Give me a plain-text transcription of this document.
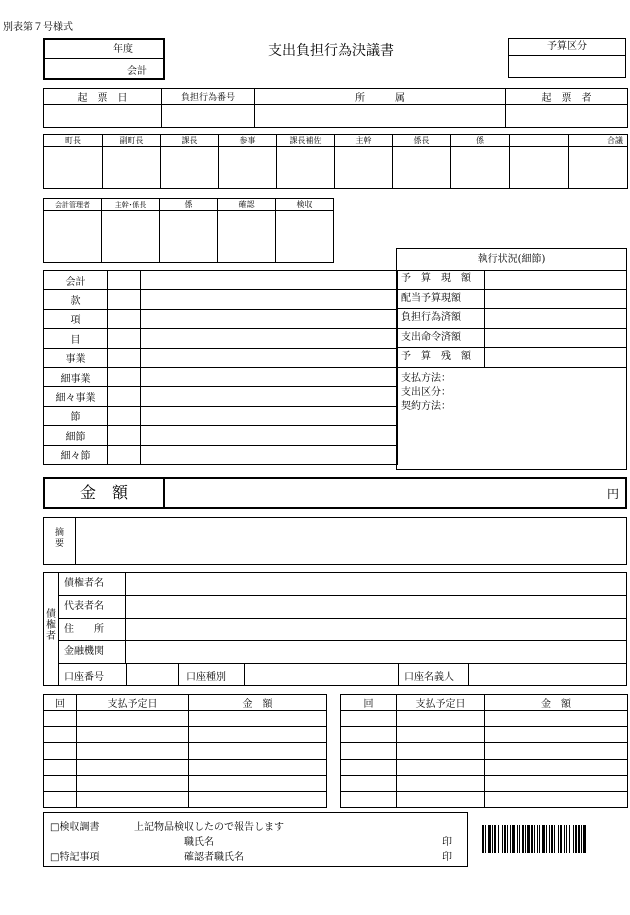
別表第７号様式
年度
会計
支出負担行為決議書	予算区分
起　票　日	負担行為番号	所　　　属	起　票　者

町長	副町長	課長	参事	課長補佐	主幹	係長	係		合議

会計管理者	主幹･係長	係	確認	検収

会計		
款		
項		
目		
事業		
細事業		
細々事業		
節		
細節		
細々節		
執行状況(細節)
予　算　現　額
配当予算現額
負担行為済額
支出命令済額
予　算　残　額
支払方法：
支出区分：
契約方法：
金　額	円
摘要
債権者
債権者名
代表者名
住　　所
金融機関
口座番号	口座種別	口座名義人
回	支払予定日	金　額

			回	支払予定日	金　額

□検収調書	上記物品検収したので報告します
職氏名	印
□特記事項	確認者職氏名	印
